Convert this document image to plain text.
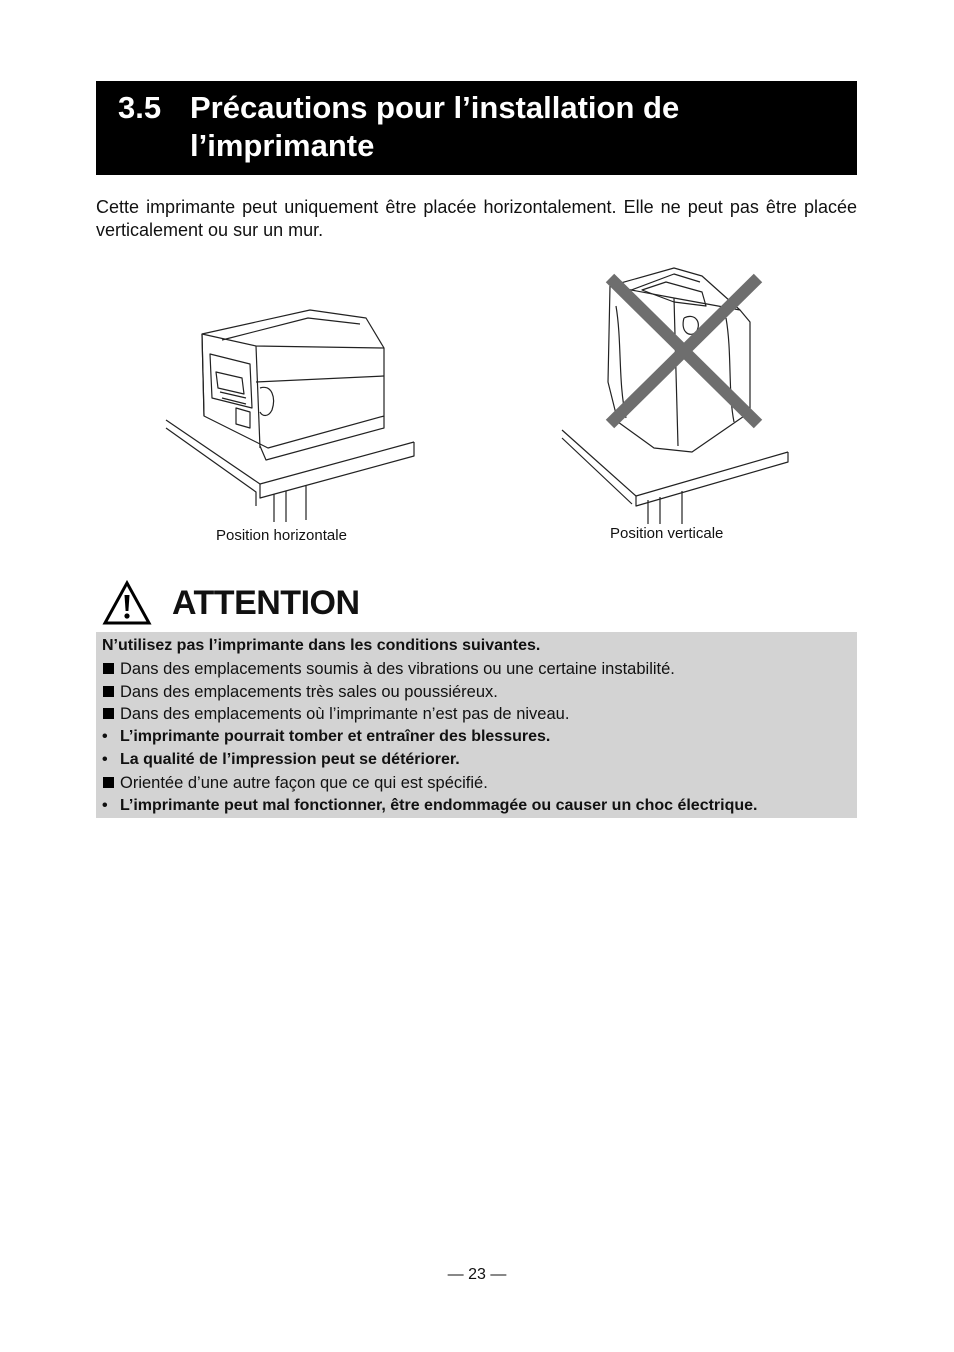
3.5 Précautions pour l’installation de l’imprimante

Cette imprimante peut uniquement être placée horizontalement. Elle ne peut pas être placée verticalement ou sur un mur.

Position horizontale	Position verticale
ATTENTION

N’utilisez pas l’imprimante dans les conditions suivantes.

Dans des emplacements soumis à des vibrations ou une certaine instabilité.
Dans des emplacements très sales ou poussiéreux.
Dans des emplacements où l’imprimante n’est pas de niveau.
• L’imprimante pourrait tomber et entraîner des blessures.
• La qualité de l’impression peut se détériorer.
Orientée d’une autre façon que ce qui est spécifié.
• L’imprimante peut mal fonctionner, être endommagée ou causer un choc électrique.
— 23 —
